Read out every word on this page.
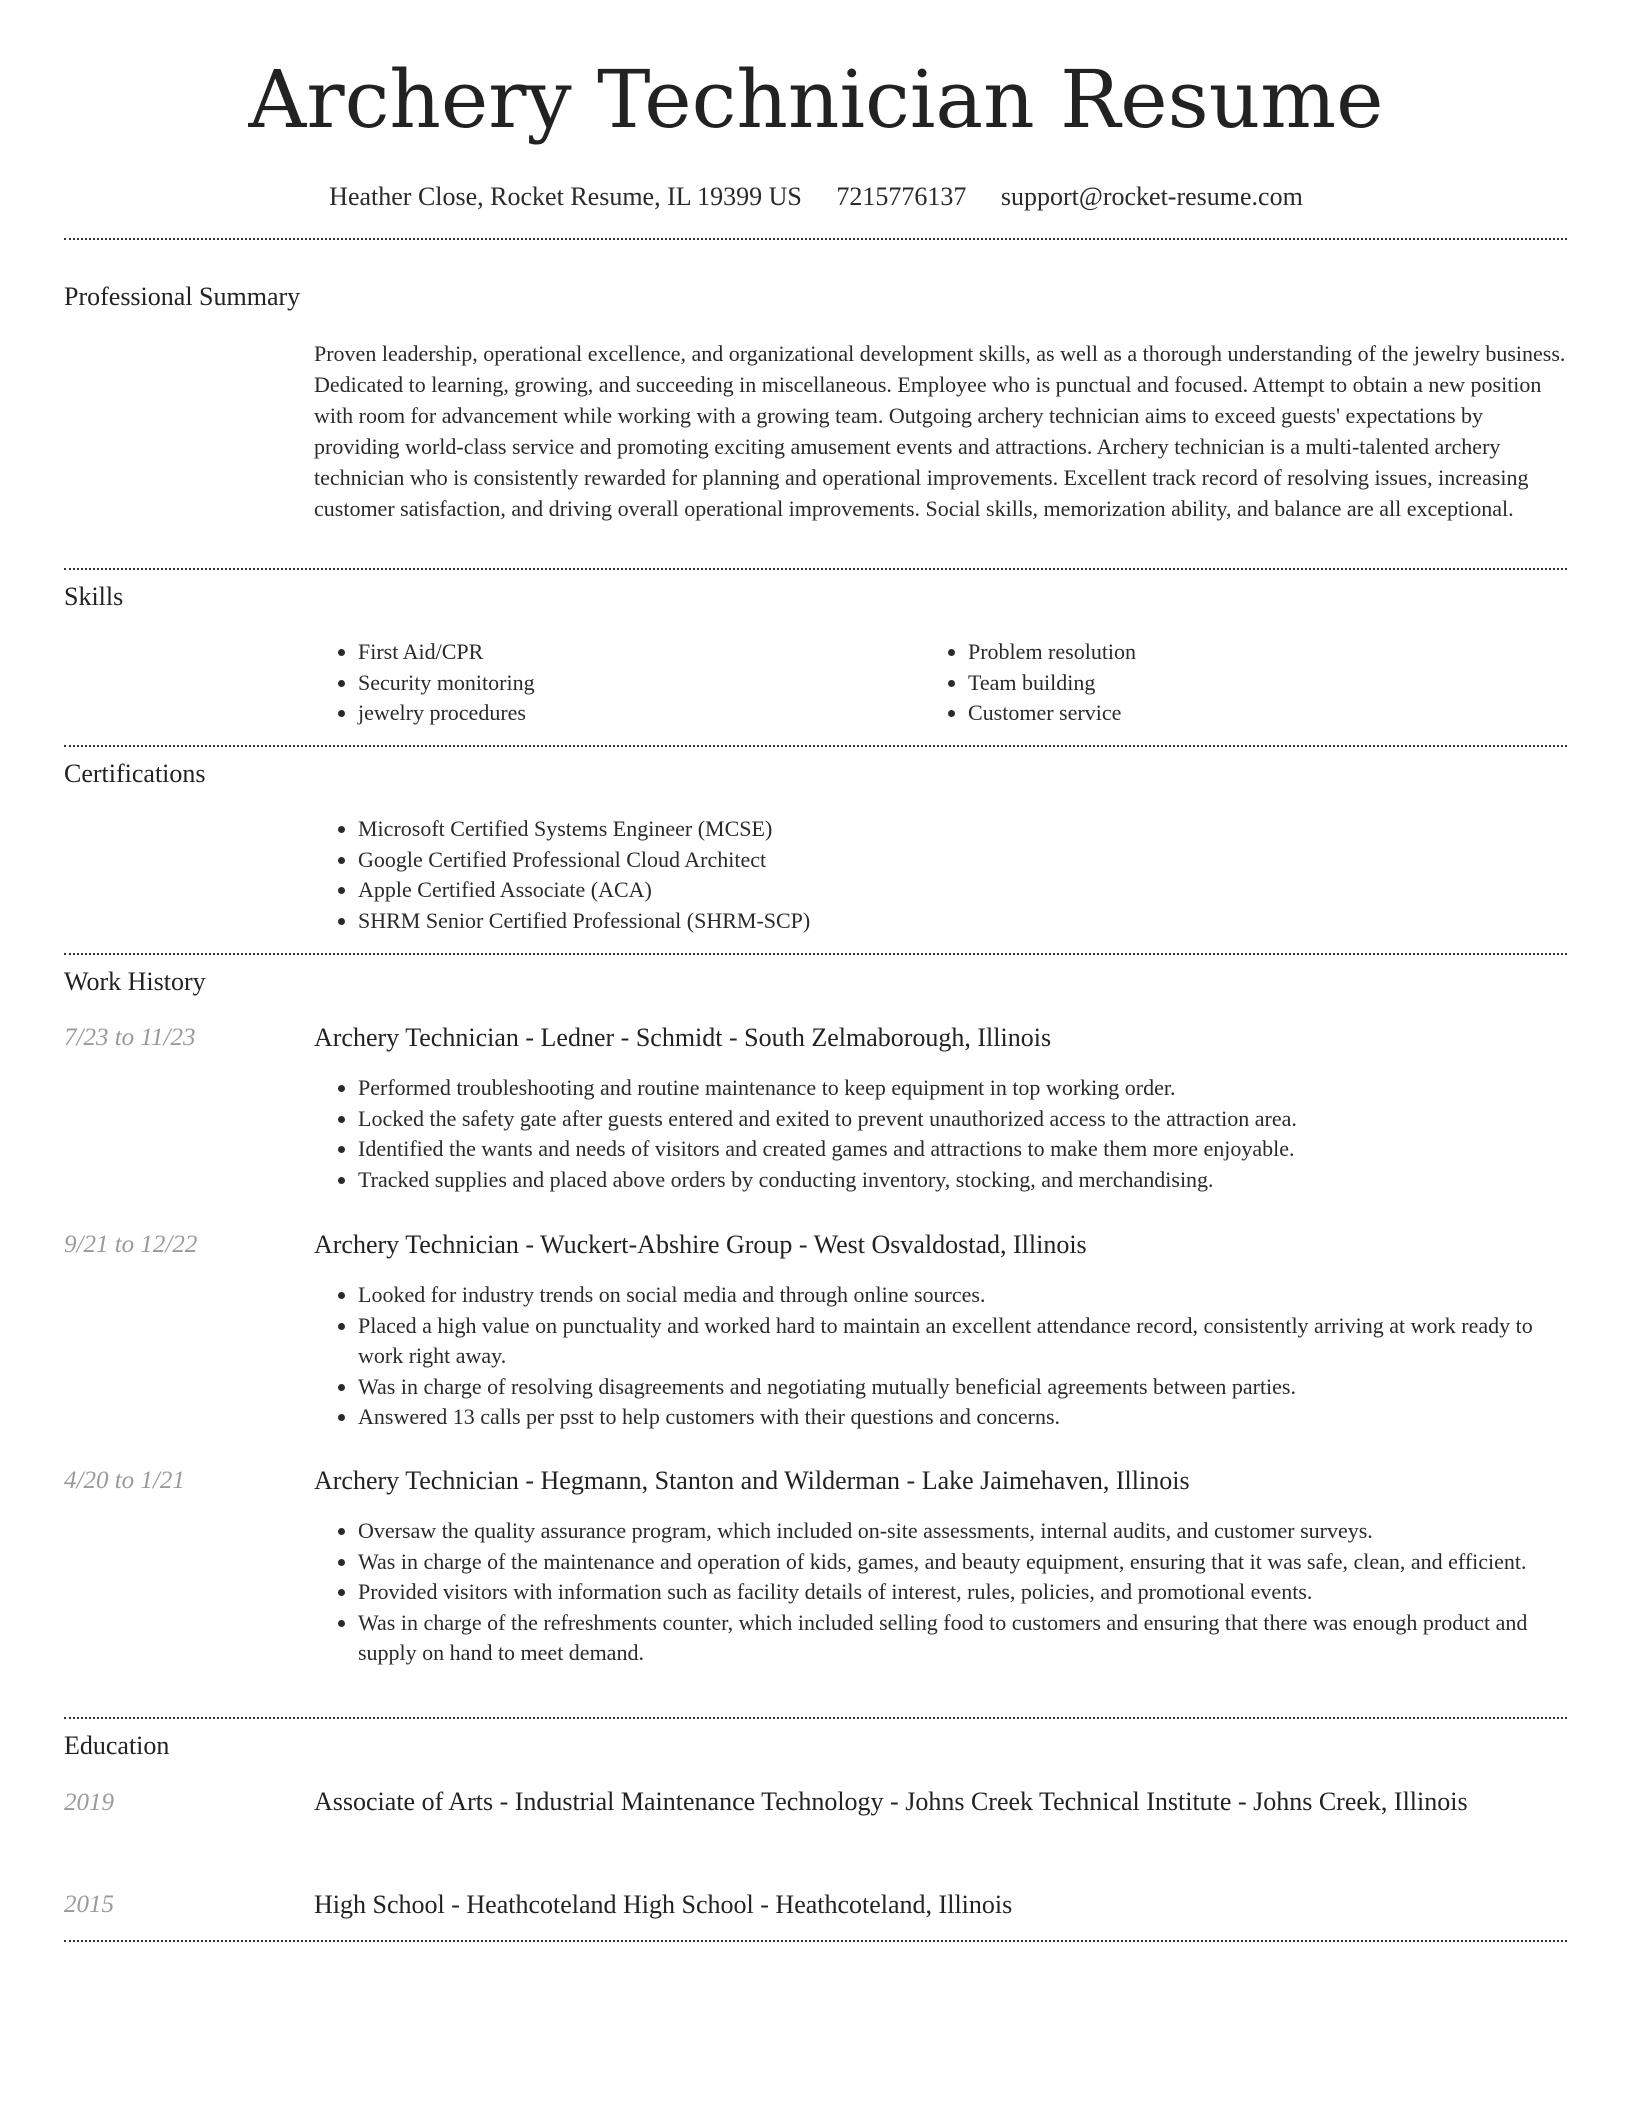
Archery Technician Resume
Heather Close, Rocket Resume, IL 19399 US 7215776137 support@rocket-resume.com
Professional Summary
Proven leadership, operational excellence, and organizational development skills, as well as a thorough understanding of the jewelry business. Dedicated to learning, growing, and succeeding in miscellaneous. Employee who is punctual and focused. Attempt to obtain a new position with room for advancement while working with a growing team. Outgoing archery technician aims to exceed guests' expectations by providing world-class service and promoting exciting amusement events and attractions. Archery technician is a multi-talented archery technician who is consistently rewarded for planning and operational improvements. Excellent track record of resolving issues, increasing customer satisfaction, and driving overall operational improvements. Social skills, memorization ability, and balance are all exceptional.
Skills
• First Aid/CPR
• Security monitoring
• jewelry procedures
• Problem resolution
• Team building
• Customer service
Certifications
• Microsoft Certified Systems Engineer (MCSE)
• Google Certified Professional Cloud Architect
• Apple Certified Associate (ACA)
• SHRM Senior Certified Professional (SHRM-SCP)
Work History
7/23 to 11/23	Archery Technician - Ledner - Schmidt - South Zelmaborough, Illinois
• Performed troubleshooting and routine maintenance to keep equipment in top working order.
• Locked the safety gate after guests entered and exited to prevent unauthorized access to the attraction area.
• Identified the wants and needs of visitors and created games and attractions to make them more enjoyable.
• Tracked supplies and placed above orders by conducting inventory, stocking, and merchandising.
9/21 to 12/22	Archery Technician - Wuckert-Abshire Group - West Osvaldostad, Illinois
• Looked for industry trends on social media and through online sources.
• Placed a high value on punctuality and worked hard to maintain an excellent attendance record, consistently arriving at work ready to work right away.
• Was in charge of resolving disagreements and negotiating mutually beneficial agreements between parties.
• Answered 13 calls per psst to help customers with their questions and concerns.
4/20 to 1/21	Archery Technician - Hegmann, Stanton and Wilderman - Lake Jaimehaven, Illinois
• Oversaw the quality assurance program, which included on-site assessments, internal audits, and customer surveys.
• Was in charge of the maintenance and operation of kids, games, and beauty equipment, ensuring that it was safe, clean, and efficient.
• Provided visitors with information such as facility details of interest, rules, policies, and promotional events.
• Was in charge of the refreshments counter, which included selling food to customers and ensuring that there was enough product and supply on hand to meet demand.
Education
2019	Associate of Arts - Industrial Maintenance Technology - Johns Creek Technical Institute - Johns Creek, Illinois
2015	High School - Heathcoteland High School - Heathcoteland, Illinois
